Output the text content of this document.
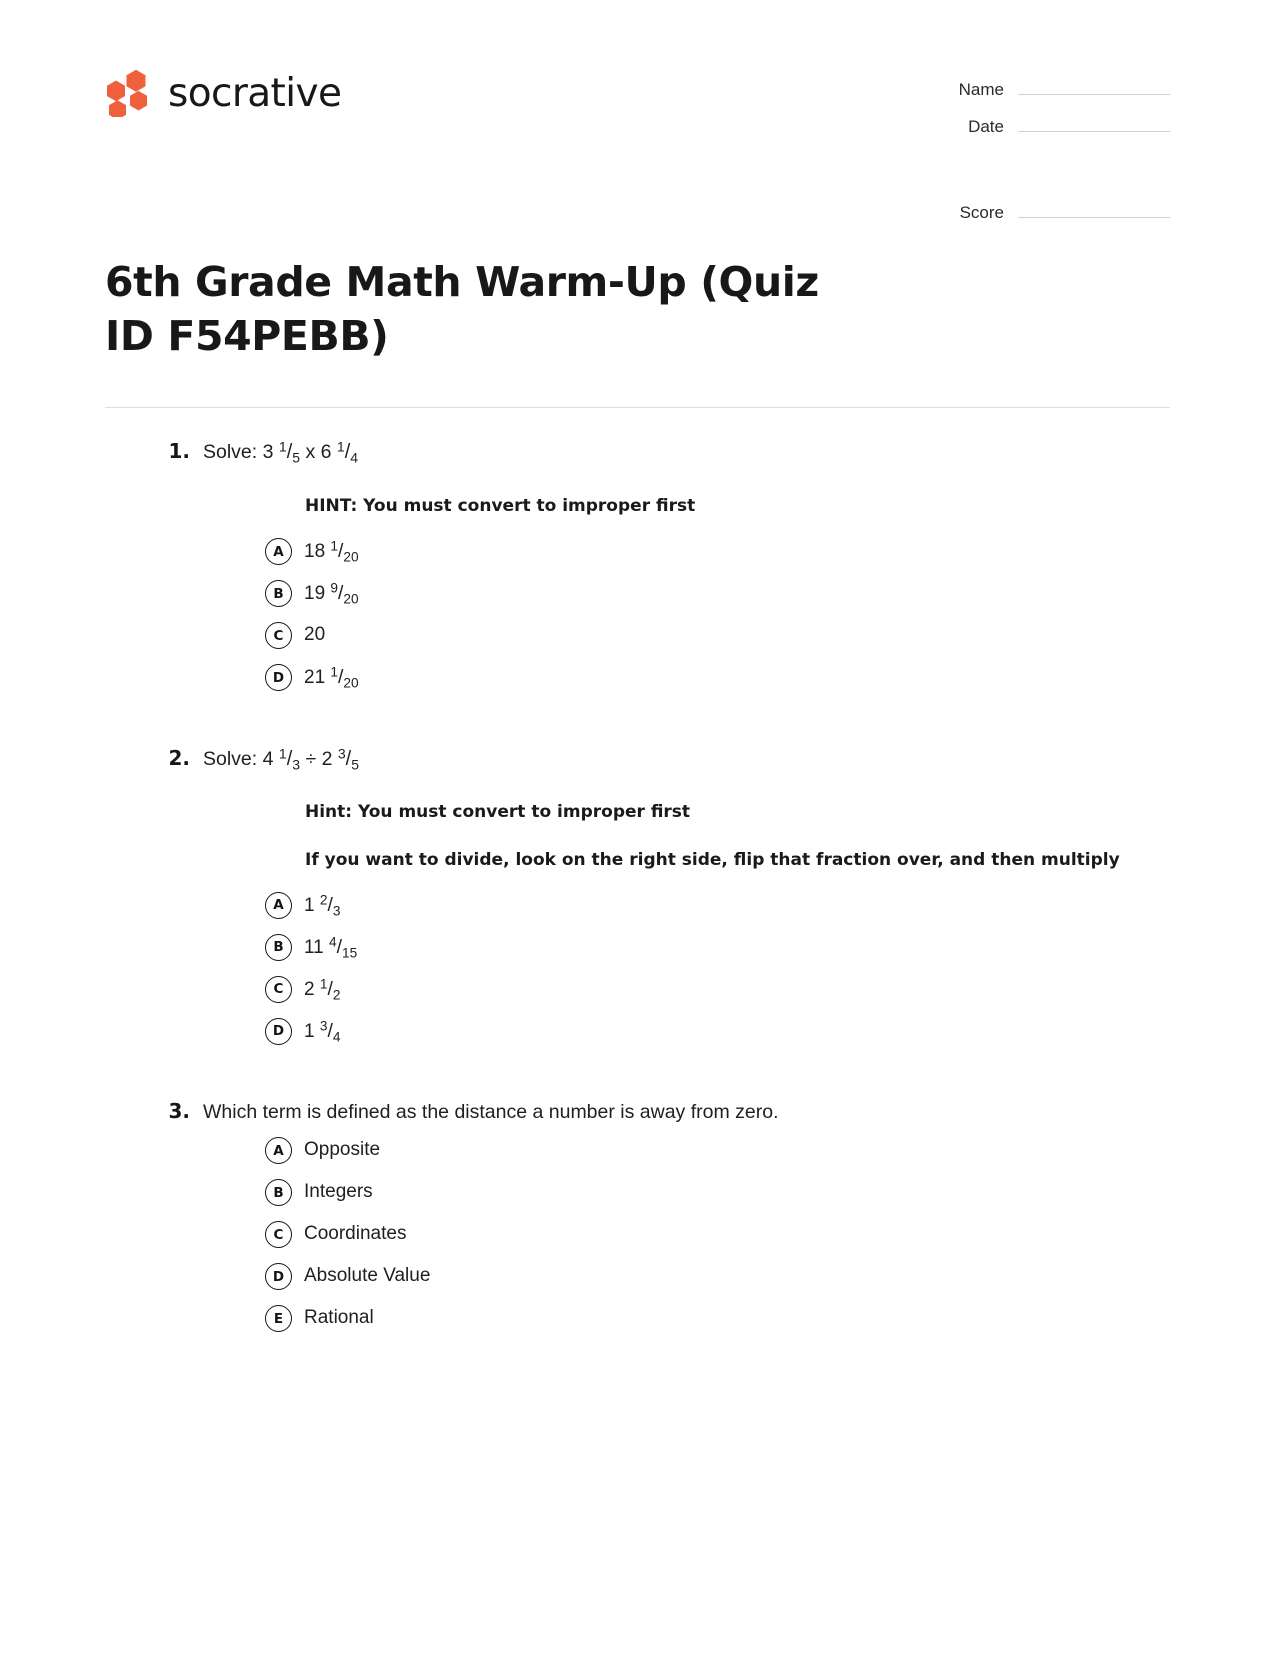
socrative	Name
Date
Score
6th Grade Math Warm-Up (Quiz ID F54PEBB)
1. Solve: 3 $^1/_5$ x 6 $^1/_4$
HINT: You must convert to improper first
A	18 $^1/_{20}$
B	19 $^9/_{20}$
C	20
D	21 $^1/_{20}$
2. Solve: 4 $^1/_3 \div 2$ $^3/_5$
Hint: You must convert to improper first
If you want to divide, look on the right side, flip that fraction over, and then multiply
A	1 $^2/_3$
B	11 $^4/_{15}$
C	2 $^1/_2$
D	1 $^3/_4$
3. Which term is defined as the distance a number is away from zero.
A	Opposite
B	Integers
C	Coordinates
D	Absolute Value
E	Rational
